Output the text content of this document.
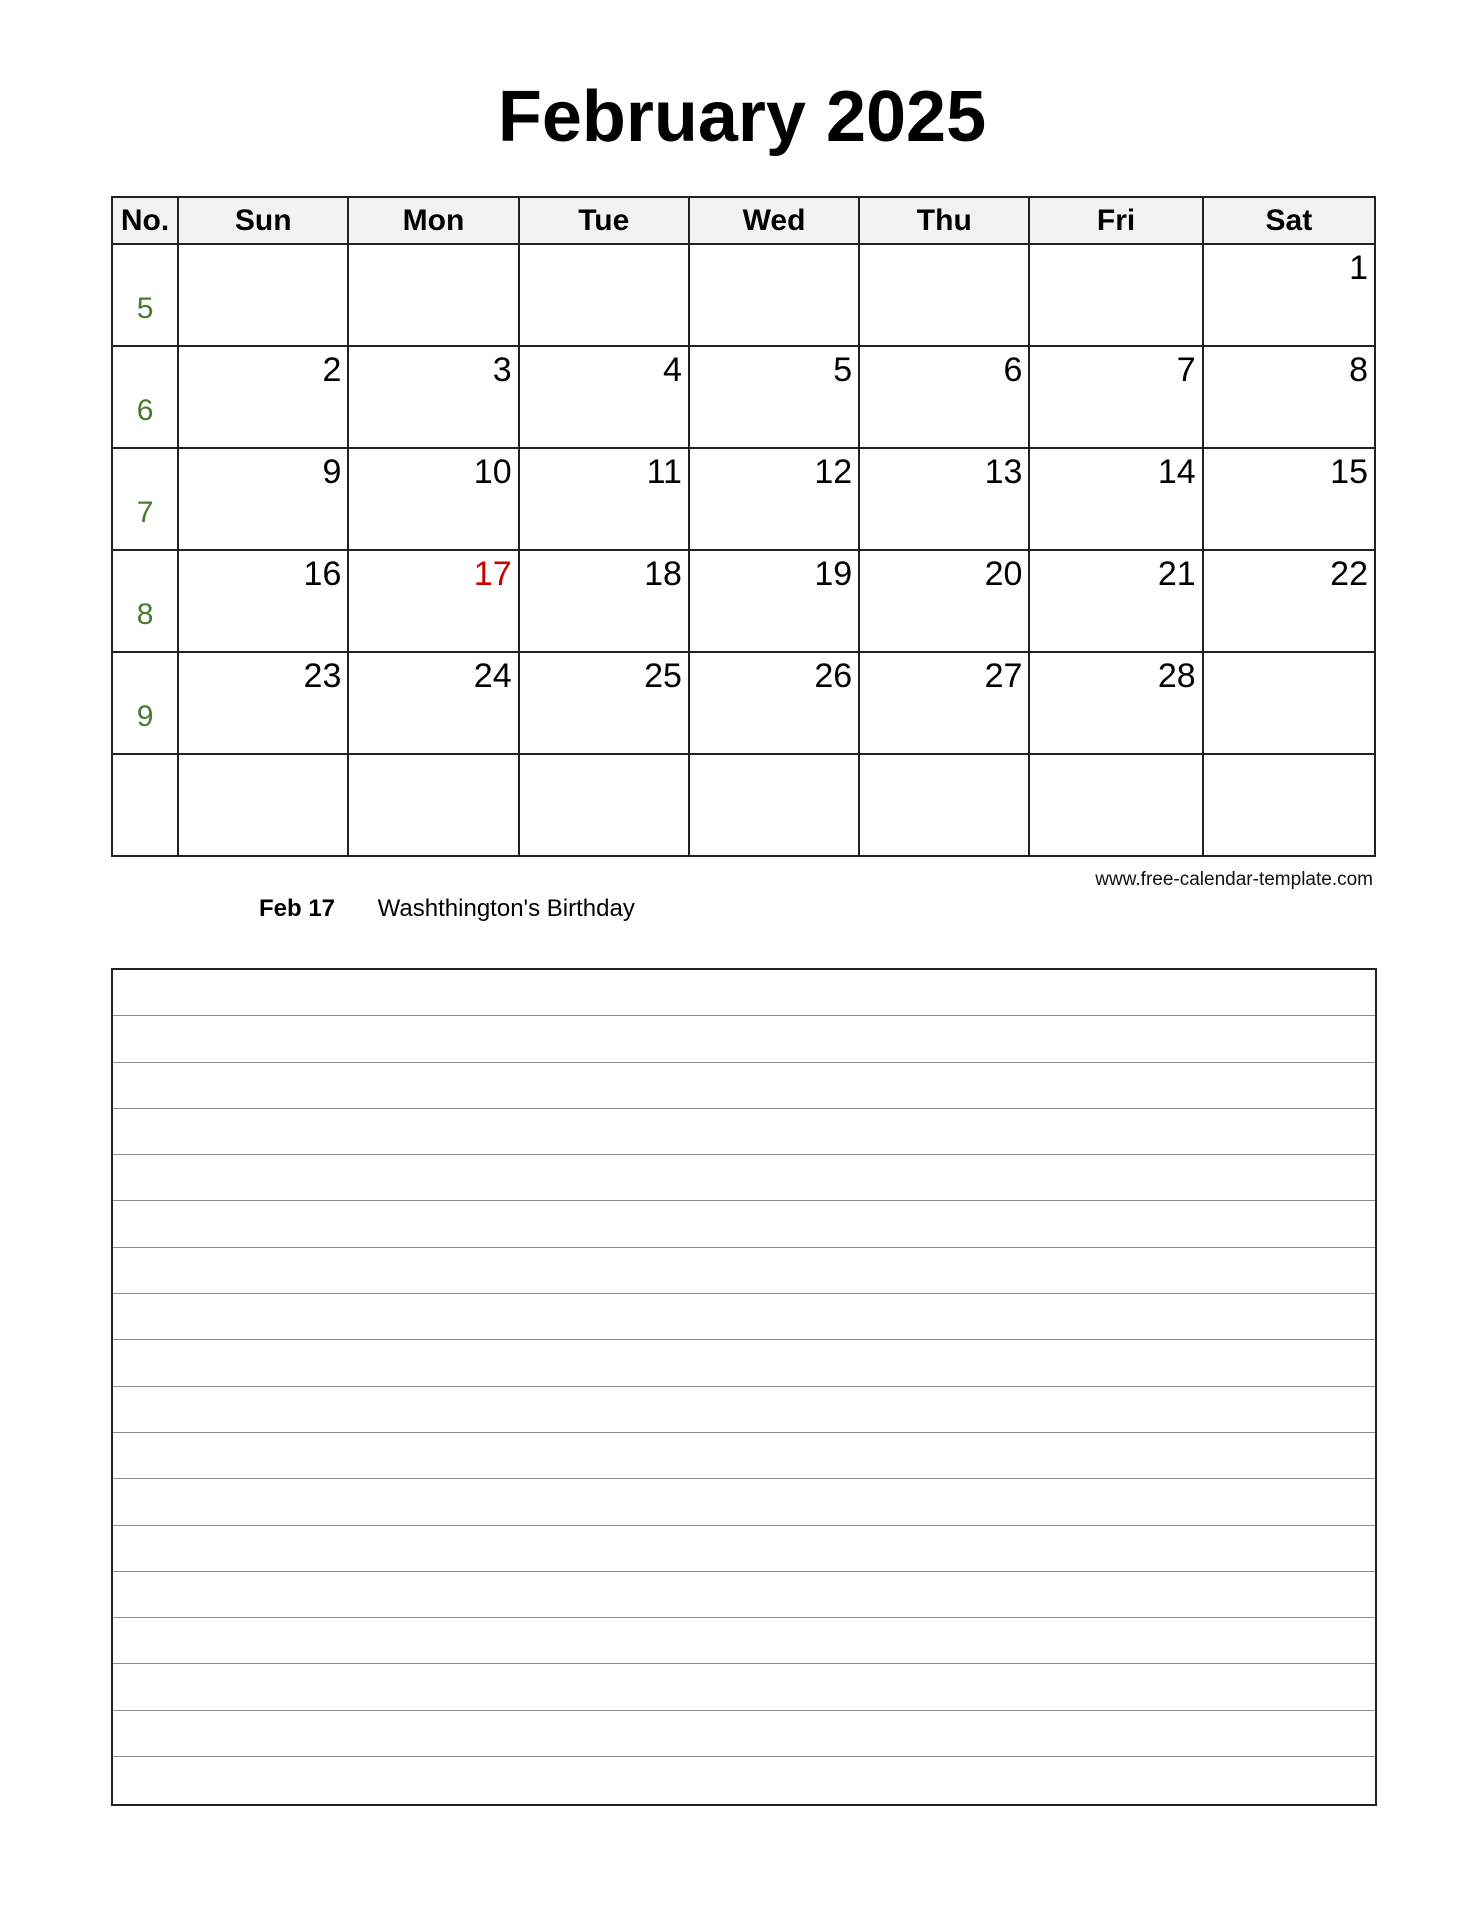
February 2025
No.	Sun	Mon	Tue	Wed	Thu	Fri	Sat

5							1

6	2	3	4	5	6	7	8

7	9	10	11	12	13	14	15

8	16	17	18	19	20	21	22

9	23	24	25	26	27	28	

www.free-calendar-template.com
Feb 17 Washthington's Birthday
